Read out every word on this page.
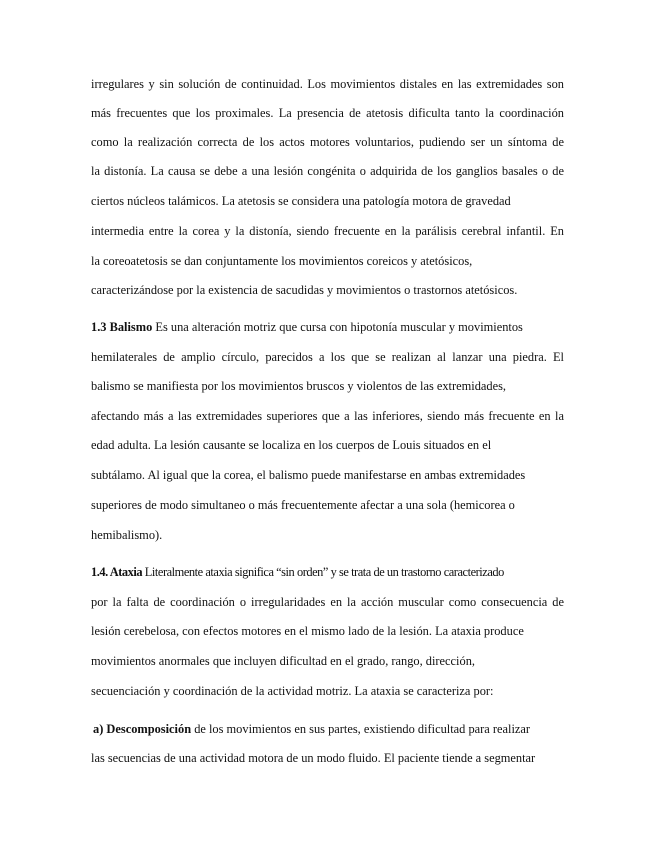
irregulares y sin solución de continuidad. Los movimientos distales en las extremidades son
más frecuentes que los proximales. La presencia de atetosis dificulta tanto la coordinación
como la realización correcta de los actos motores voluntarios, pudiendo ser un síntoma de
la distonía. La causa se debe a una lesión congénita o adquirida de los ganglios basales o de
ciertos núcleos talámicos. La atetosis se considera una patología motora de gravedad
intermedia entre la corea y la distonía, siendo frecuente en la parálisis cerebral infantil. En
la coreoatetosis se dan conjuntamente los movimientos coreicos y atetósicos,
caracterizándose por la existencia de sacudidas y movimientos o trastornos atetósicos.
1.3 Balismo Es una alteración motriz que cursa con hipotonía muscular y movimientos
hemilaterales de amplio círculo, parecidos a los que se realizan al lanzar una piedra. El
balismo se manifiesta por los movimientos bruscos y violentos de las extremidades,
afectando más a las extremidades superiores que a las inferiores, siendo más frecuente en la
edad adulta. La lesión causante se localiza en los cuerpos de Louis situados en el
subtálamo. Al igual que la corea, el balismo puede manifestarse en ambas extremidades
superiores de modo simultaneo o más frecuentemente afectar a una sola (hemicorea o
hemibalismo).
1.4. Ataxia Literalmente ataxia significa “sin orden” y se trata de un trastorno caracterizado
por la falta de coordinación o irregularidades en la acción muscular como consecuencia de
lesión cerebelosa, con efectos motores en el mismo lado de la lesión. La ataxia produce
movimientos anormales que incluyen dificultad en el grado, rango, dirección,
secuenciación y coordinación de la actividad motriz. La ataxia se caracteriza por:
a) Descomposición de los movimientos en sus partes, existiendo dificultad para realizar
las secuencias de una actividad motora de un modo fluido. El paciente tiende a segmentar
